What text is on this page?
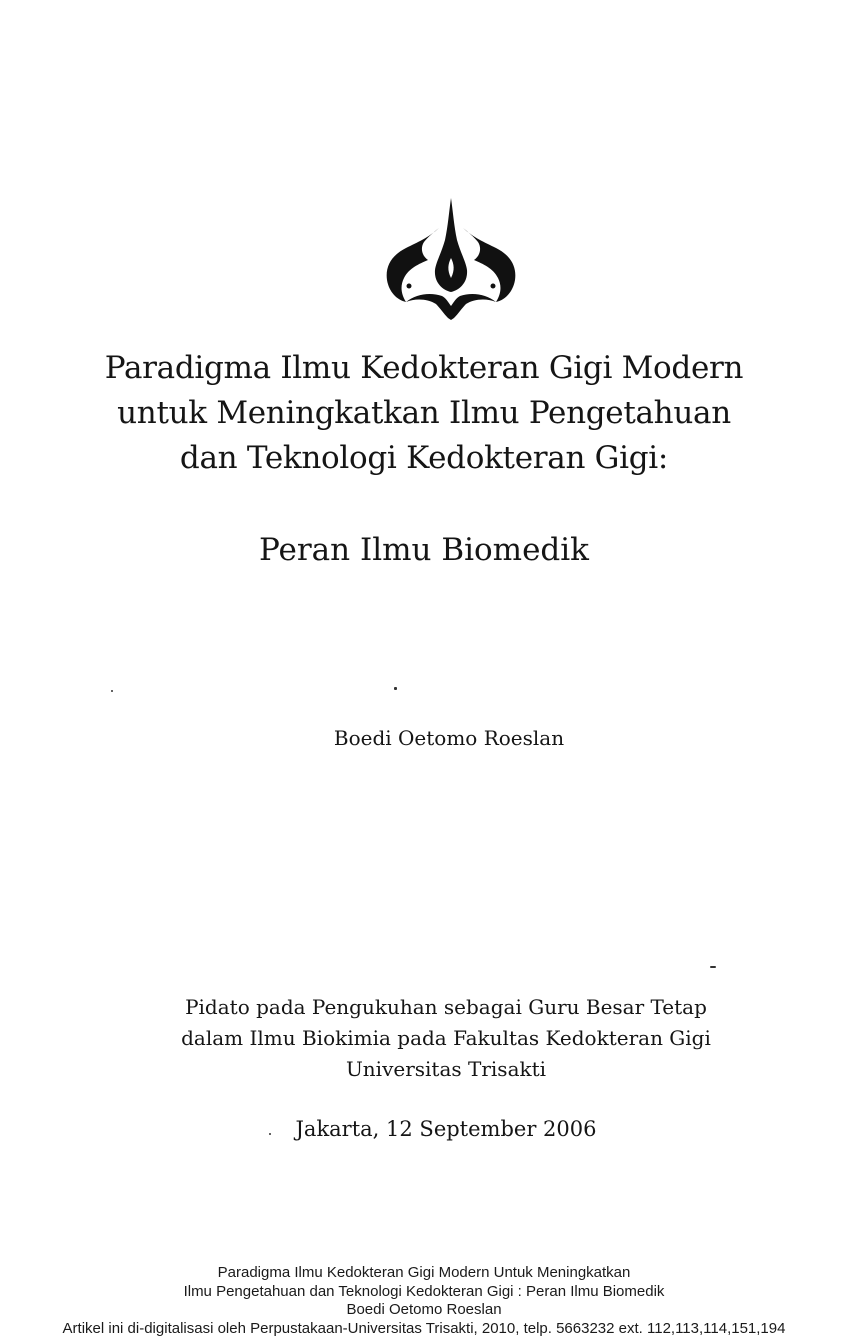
Paradigma Ilmu Kedokteran Gigi Modern
untuk Meningkatkan Ilmu Pengetahuan
dan Teknologi Kedokteran Gigi:
Peran Ilmu Biomedik
Boedi Oetomo Roeslan
Pidato pada Pengukuhan sebagai Guru Besar Tetap
dalam Ilmu Biokimia pada Fakultas Kedokteran Gigi
Universitas Trisakti
Jakarta, 12 September 2006
Paradigma Ilmu Kedokteran Gigi Modern Untuk Meningkatkan
Ilmu Pengetahuan dan Teknologi Kedokteran Gigi : Peran Ilmu Biomedik
Boedi Oetomo Roeslan
Artikel ini di-digitalisasi oleh Perpustakaan-Universitas Trisakti, 2010, telp. 5663232 ext. 112,113,114,151,194
